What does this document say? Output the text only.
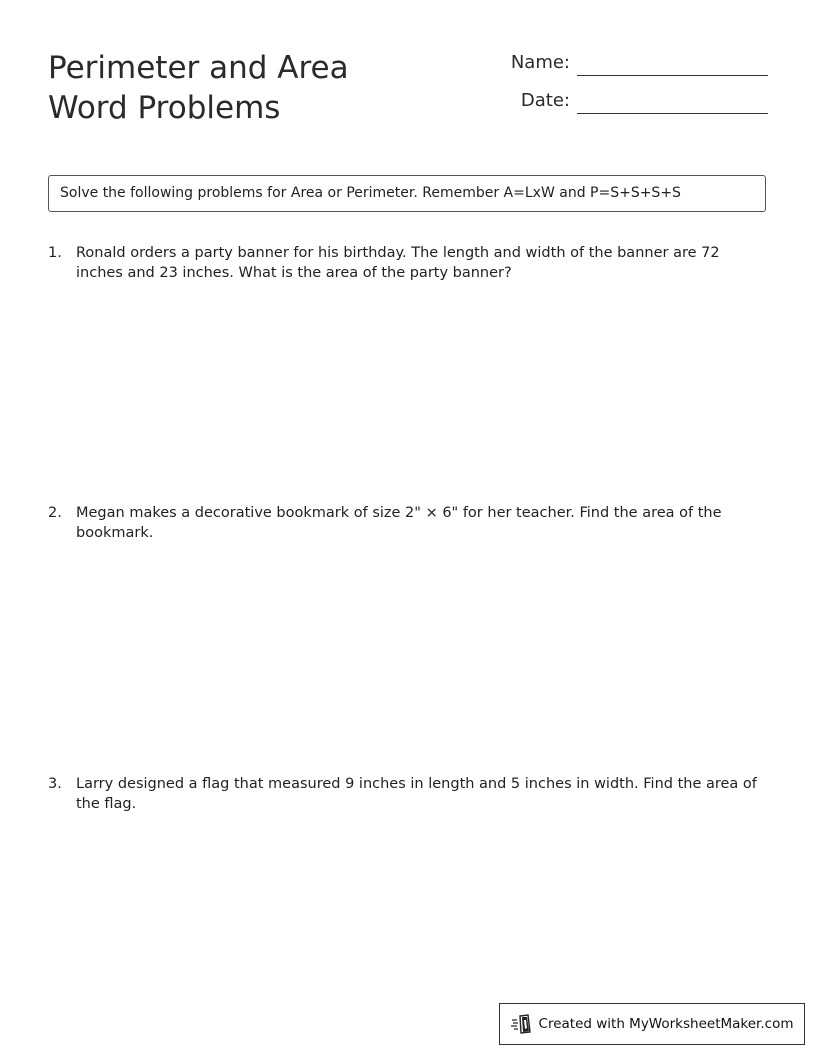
Perimeter and Area
Word Problems
Name:
Date:
Solve the following problems for Area or Perimeter. Remember A=LxW and P=S+S+S+S
1. Ronald orders a party banner for his birthday. The length and width of the banner are 72 inches and 23 inches. What is the area of the party banner?
2. Megan makes a decorative bookmark of size 2" × 6" for her teacher. Find the area of the bookmark.
3. Larry designed a flag that measured 9 inches in length and 5 inches in width. Find the area of the flag.
Created with MyWorksheetMaker.com
